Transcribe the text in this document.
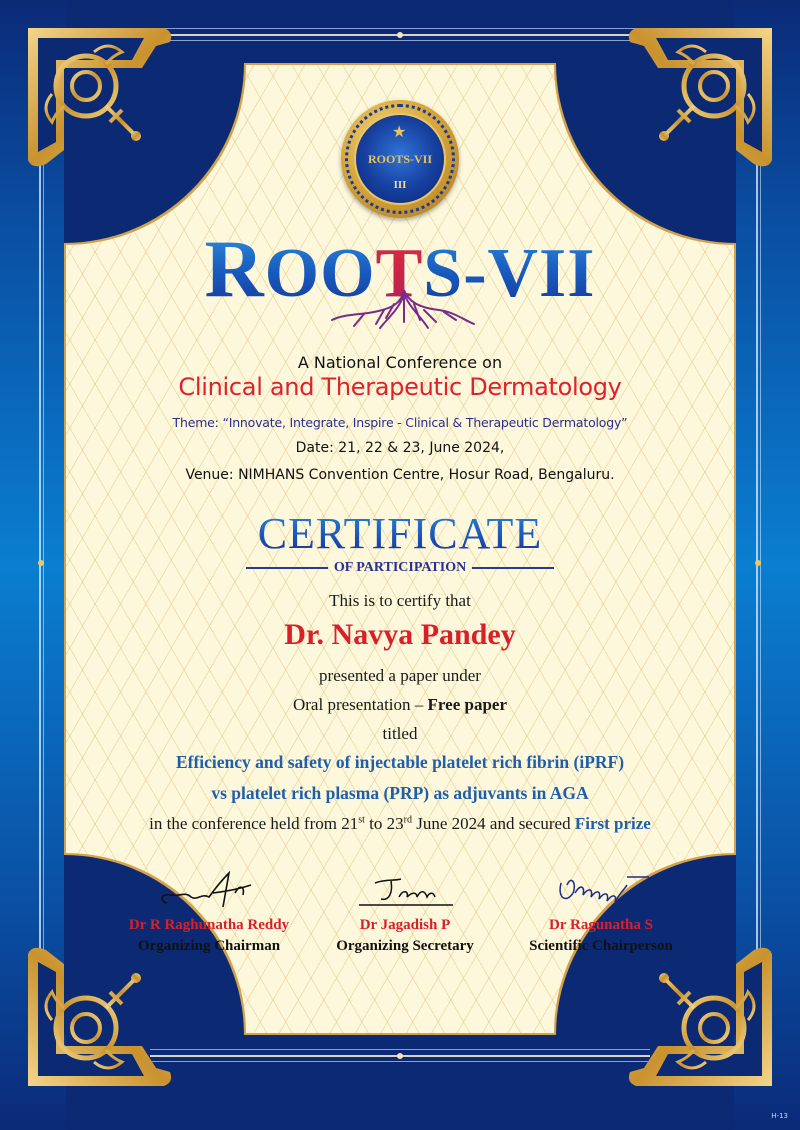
★
ROOTS-VII
III
ROOTS-VII
A National Conference on
Clinical and Therapeutic Dermatology
Theme: “Innovate, Integrate, Inspire - Clinical & Therapeutic Dermatology”
Date: 21, 22 & 23, June 2024,
Venue: NIMHANS Convention Centre, Hosur Road, Bengaluru.
CERTIFICATE
OF PARTICIPATION
This is to certify that
Dr. Navya Pandey
presented a paper under
Oral presentation – Free paper
titled
Efficiency and safety of injectable platelet rich fibrin (iPRF)
vs platelet rich plasma (PRP) as adjuvants in AGA
in the conference held from 21st to 23rd June 2024 and secured First prize
Dr R Raghunatha Reddy
Organizing Chairman
Dr Jagadish P
Organizing Secretary
Dr Ragunatha S
Scientific Chairperson
H-13
